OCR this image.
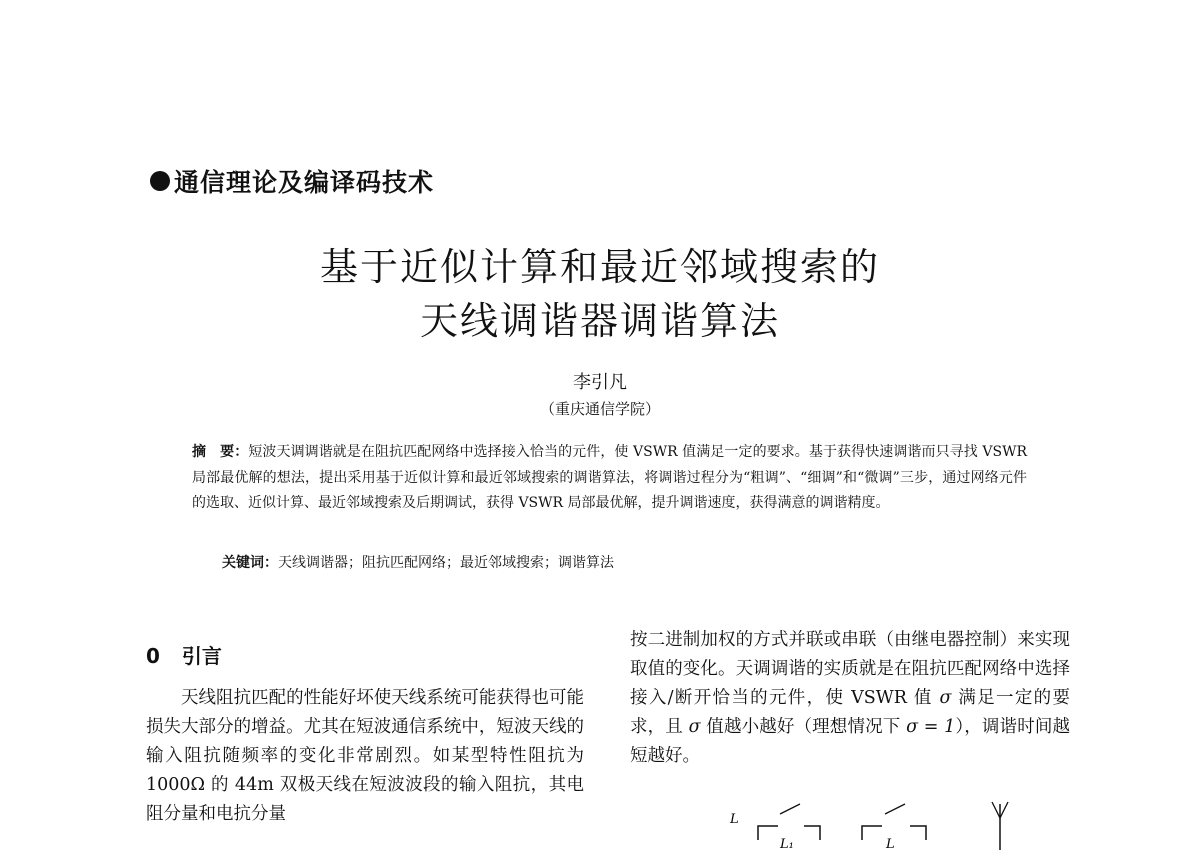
通信理论及编译码技术
基于近似计算和最近邻域搜索的
天线调谐器调谐算法
李引凡
（重庆通信学院）
摘　要：短波天调调谐就是在阻抗匹配网络中选择接入恰当的元件，使 VSWR 值满足一定的要求。基于获得快速调谐而只寻找 VSWR 局部最优解的想法，提出采用基于近似计算和最近邻域搜索的调谐算法，将调谐过程分为“粗调”、“细调”和“微调”三步，通过网络元件的选取、近似计算、最近邻域搜索及后期调试，获得 VSWR 局部最优解，提升调谐速度，获得满意的调谐精度。
关键词：天线调谐器；阻抗匹配网络；最近邻域搜索；调谐算法
0 引言
天线阻抗匹配的性能好坏使天线系统可能获得也可能损失大部分的增益。尤其在短波通信系统中，短波天线的输入阻抗随频率的变化非常剧烈。如某型特性阻抗为 1000Ω 的 44m 双极天线在短波波段的输入阻抗，其电阻分量和电抗分量
按二进制加权的方式并联或串联（由继电器控制）来实现取值的变化。天调调谐的实质就是在阻抗匹配网络中选择接入/断开恰当的元件，使 VSWR 值 σ 满足一定的要求，且 σ 值越小越好（理想情况下 σ = 1），调谐时间越短越好。
L
L₁	L
